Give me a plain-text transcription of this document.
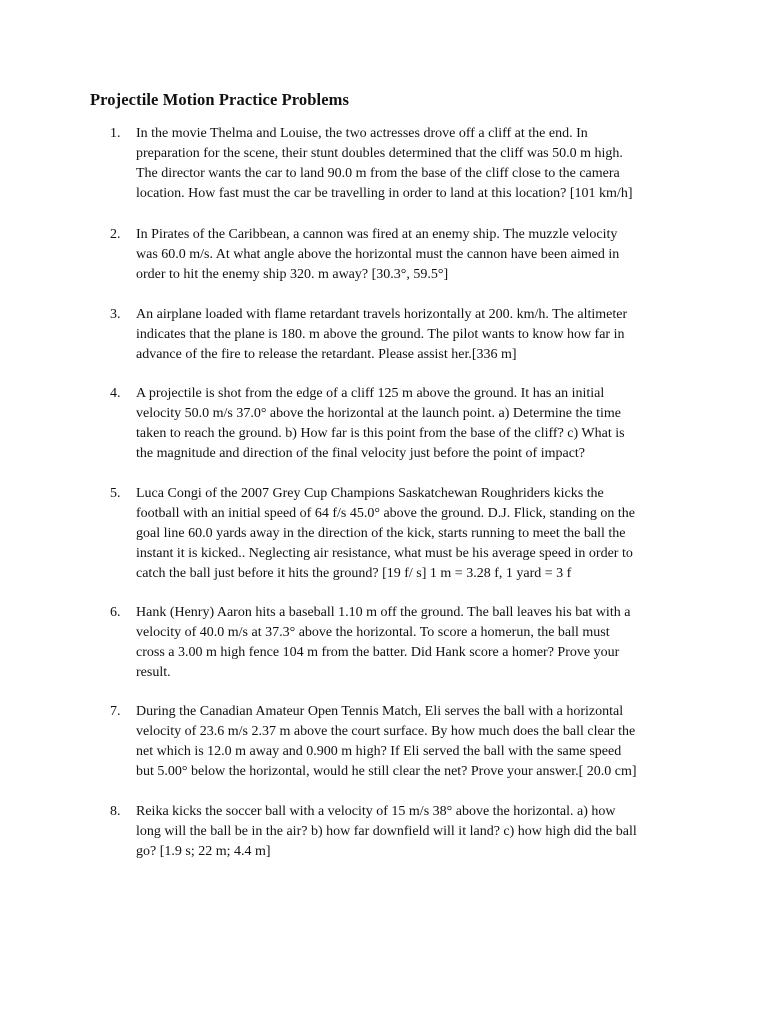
Projectile Motion Practice Problems
1.	In the movie Thelma and Louise, the two actresses drove off a cliff at the end. In
preparation for the scene, their stunt doubles determined that the cliff was 50.0 m high.
The director wants the car to land 90.0 m from the base of the cliff close to the camera
location. How fast must the car be travelling in order to land at this location? [101 km/h]
2.	In Pirates of the Caribbean, a cannon was fired at an enemy ship. The muzzle velocity
was 60.0 m/s. At what angle above the horizontal must the cannon have been aimed in
order to hit the enemy ship 320. m away? [30.3°, 59.5°]
3.	An airplane loaded with flame retardant travels horizontally at 200. km/h. The altimeter
indicates that the plane is 180. m above the ground. The pilot wants to know how far in
advance of the fire to release the retardant. Please assist her.[336 m]
4.	A projectile is shot from the edge of a cliff 125 m above the ground. It has an initial
velocity 50.0 m/s 37.0° above the horizontal at the launch point. a) Determine the time
taken to reach the ground. b) How far is this point from the base of the cliff? c) What is
the magnitude and direction of the final velocity just before the point of impact?
5.	Luca Congi of the 2007 Grey Cup Champions Saskatchewan Roughriders kicks the
football with an initial speed of 64 f/s 45.0° above the ground. D.J. Flick, standing on the
goal line 60.0 yards away in the direction of the kick, starts running to meet the ball the
instant it is kicked.. Neglecting air resistance, what must be his average speed in order to
catch the ball just before it hits the ground? [19 f/ s] 1 m = 3.28 f, 1 yard = 3 f
6.	Hank (Henry) Aaron hits a baseball 1.10 m off the ground. The ball leaves his bat with a
velocity of 40.0 m/s at 37.3° above the horizontal. To score a homerun, the ball must
cross a 3.00 m high fence 104 m from the batter. Did Hank score a homer? Prove your
result.
7.	During the Canadian Amateur Open Tennis Match, Eli serves the ball with a horizontal
velocity of 23.6 m/s 2.37 m above the court surface. By how much does the ball clear the
net which is 12.0 m away and 0.900 m high? If Eli served the ball with the same speed
but 5.00° below the horizontal, would he still clear the net? Prove your answer.[ 20.0 cm]
8.	Reika kicks the soccer ball with a velocity of 15 m/s 38° above the horizontal. a) how
long will the ball be in the air? b) how far downfield will it land? c) how high did the ball
go? [1.9 s; 22 m; 4.4 m]
